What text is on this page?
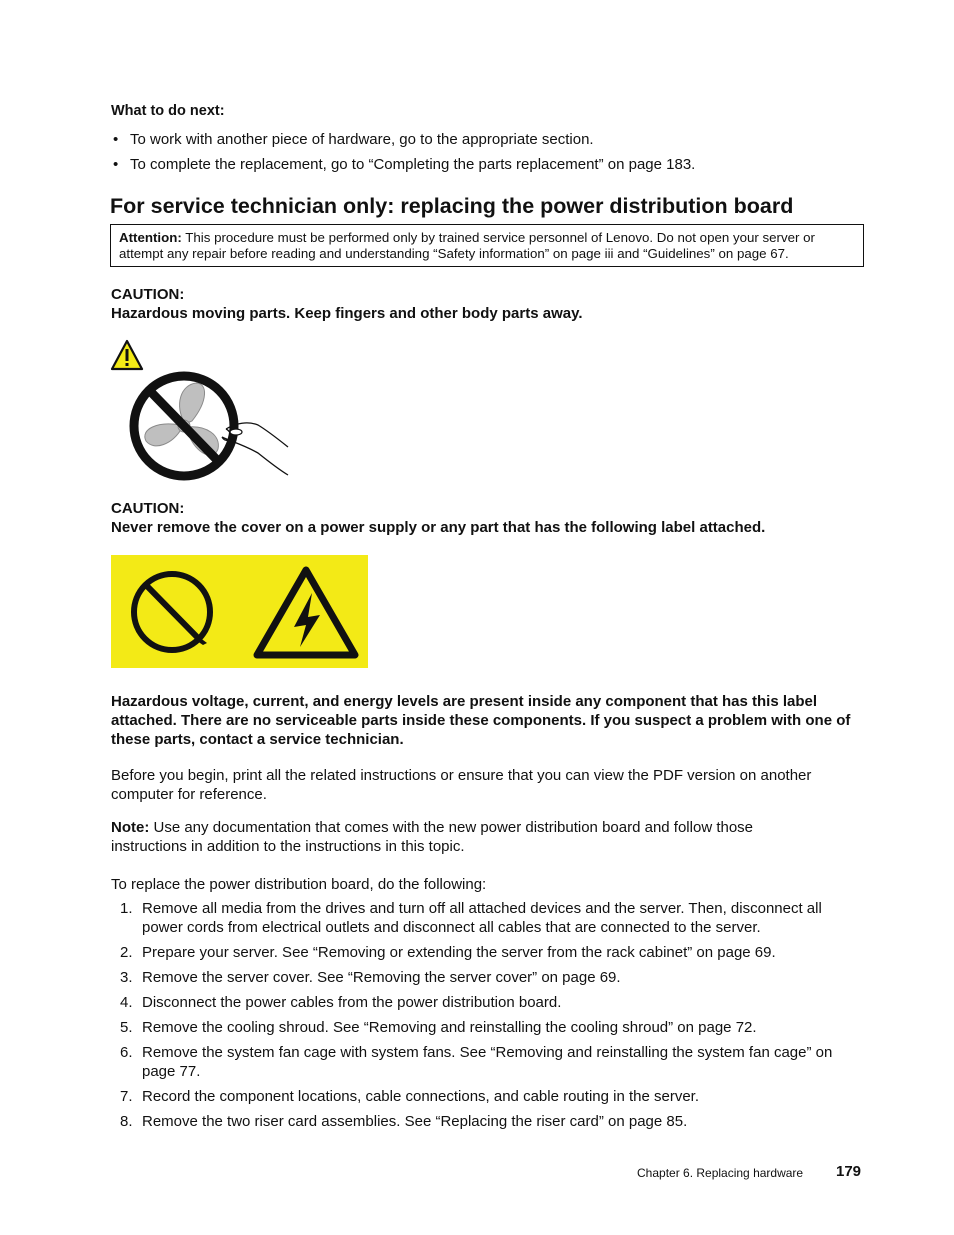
What to do next:
• To work with another piece of hardware, go to the appropriate section.
• To complete the replacement, go to “Completing the parts replacement” on page 183.
For service technician only: replacing the power distribution board
Attention: This procedure must be performed only by trained service personnel of Lenovo. Do not open your server or attempt any repair before reading and understanding “Safety information” on page iii and “Guidelines” on page 67.
CAUTION:
Hazardous moving parts. Keep fingers and other body parts away.
CAUTION:
Never remove the cover on a power supply or any part that has the following label attached.
Hazardous voltage, current, and energy levels are present inside any component that has this label attached. There are no serviceable parts inside these components. If you suspect a problem with one of these parts, contact a service technician.
Before you begin, print all the related instructions or ensure that you can view the PDF version on another computer for reference.
Note: Use any documentation that comes with the new power distribution board and follow those instructions in addition to the instructions in this topic.
To replace the power distribution board, do the following:
1. Remove all media from the drives and turn off all attached devices and the server. Then, disconnect all power cords from electrical outlets and disconnect all cables that are connected to the server.
2. Prepare your server. See “Removing or extending the server from the rack cabinet” on page 69.
3. Remove the server cover. See “Removing the server cover” on page 69.
4. Disconnect the power cables from the power distribution board.
5. Remove the cooling shroud. See “Removing and reinstalling the cooling shroud” on page 72.
6. Remove the system fan cage with system fans. See “Removing and reinstalling the system fan cage” on page 77.
7. Record the component locations, cable connections, and cable routing in the server.
8. Remove the two riser card assemblies. See “Replacing the riser card” on page 85.
Chapter 6. Replacing hardware 179
